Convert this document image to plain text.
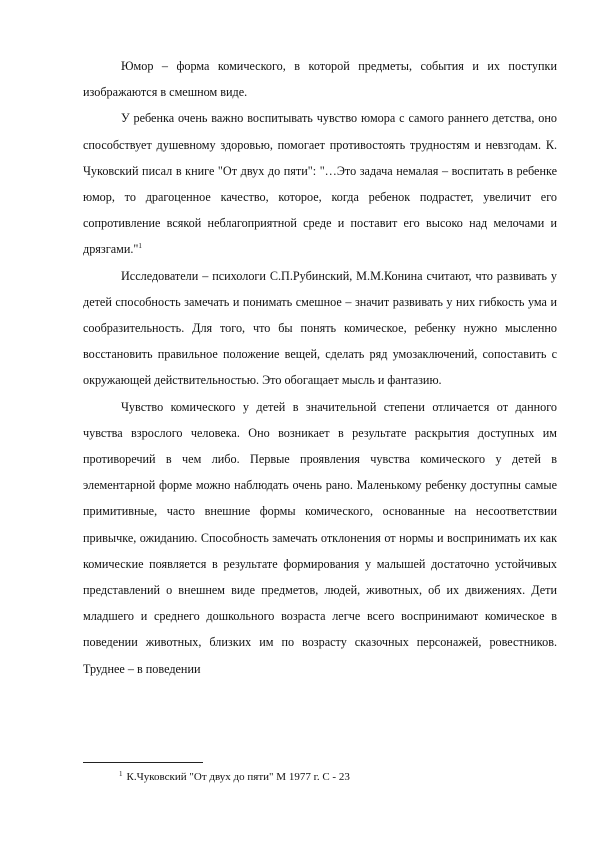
Юмор – форма комического, в которой предметы, события и их поступки изображаются в смешном виде.

У ребенка очень важно воспитывать чувство юмора с самого раннего детства, оно способствует душевному здоровью, помогает противостоять трудностям и невзгодам. К. Чуковский писал в книге "От двух до пяти": "…Это задача немалая – воспитать в ребенке юмор, то драгоценное качество, которое, когда ребенок подрастет, увеличит его сопротивление всякой неблагоприятной среде и поставит его высоко над мелочами и дрязгами."$^1$

Исследователи – психологи С.П.Рубинский, М.М.Конина считают, что развивать у детей способность замечать и понимать смешное – значит развивать у них гибкость ума и сообразительность. Для того, что бы понять комическое, ребенку нужно мысленно восстановить правильное положение вещей, сделать ряд умозаключений, сопоставить с окружающей действительностью. Это обогащает мысль и фантазию.

Чувство комического у детей в значительной степени отличается от данного чувства взрослого человека. Оно возникает в результате раскрытия доступных им противоречий в чем либо. Первые проявления чувства комического у детей в элементарной форме можно наблюдать очень рано. Маленькому ребенку доступны самые примитивные, часто внешние формы комического, основанные на несоответствии привычке, ожиданию. Способность замечать отклонения от нормы и воспринимать их как комические появляется в результате формирования у малышей достаточно устойчивых представлений о внешнем виде предметов, людей, животных, об их движениях. Дети младшего и среднего дошкольного возраста легче всего воспринимают комическое в поведении животных, близких им по возрасту сказочных персонажей, ровестников. Труднее – в поведении

$^1$ К.Чуковский "От двух до пяти" М 1977 г. С - 23
